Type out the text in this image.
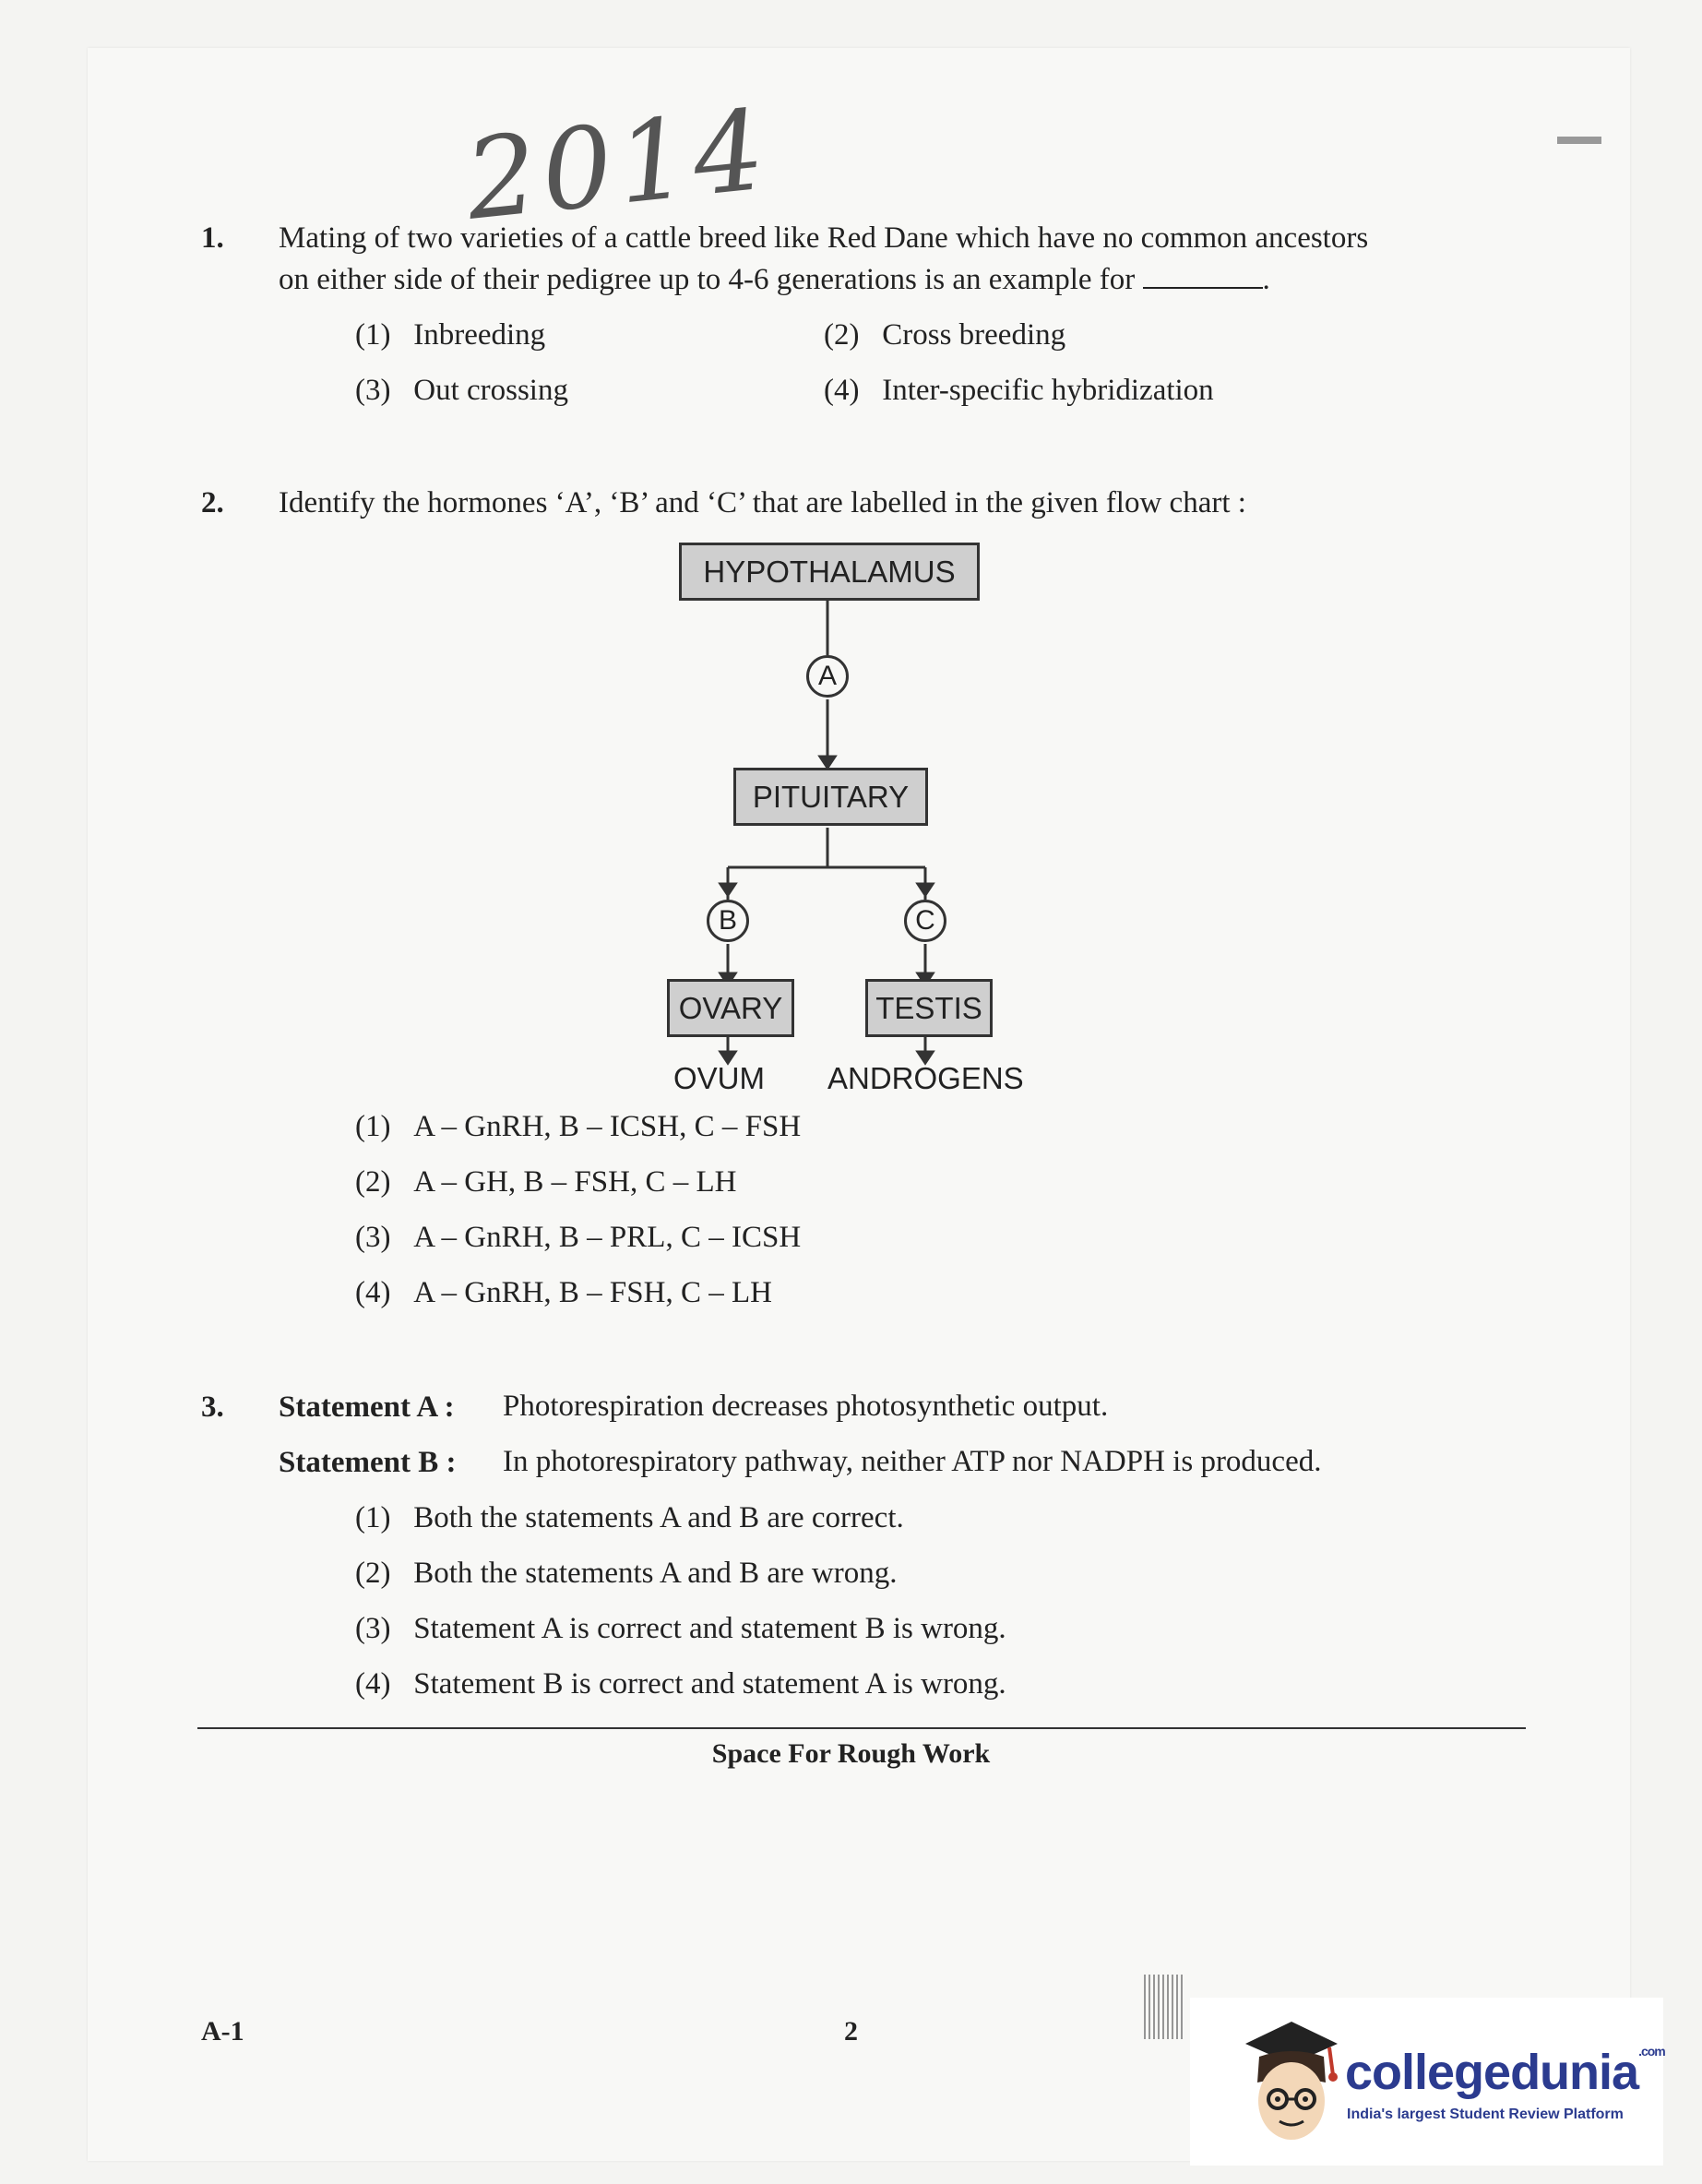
2014
1. Mating of two varieties of a cattle breed like Red Dane which have no common ancestors
on either side of their pedigree up to 4-6 generations is an example for	.
(1) Inbreeding	(2) Cross breeding
(3) Out crossing	(4) Inter-specific hybridization
2. Identify the hormones ‘A’, ‘B’ and ‘C’ that are labelled in the given flow chart :
HYPOTHALAMUS
A
PITUITARY
B	C
OVARY	TESTIS
OVUM ANDROGENS
(1) A – GnRH, B – ICSH, C – FSH
(2) A – GH, B – FSH, C – LH
(3) A – GnRH, B – PRL, C – ICSH
(4) A – GnRH, B – FSH, C – LH
3. Statement A : Photorespiration decreases photosynthetic output.
Statement B : In photorespiratory pathway, neither ATP nor NADPH is produced.
(1) Both the statements A and B are correct.
(2) Both the statements A and B are wrong.
(3) Statement A is correct and statement B is wrong.
(4) Statement B is correct and statement A is wrong.
Space For Rough Work
A-1	2
collegedunia$^{.com}$
India's largest Student Review Platform
